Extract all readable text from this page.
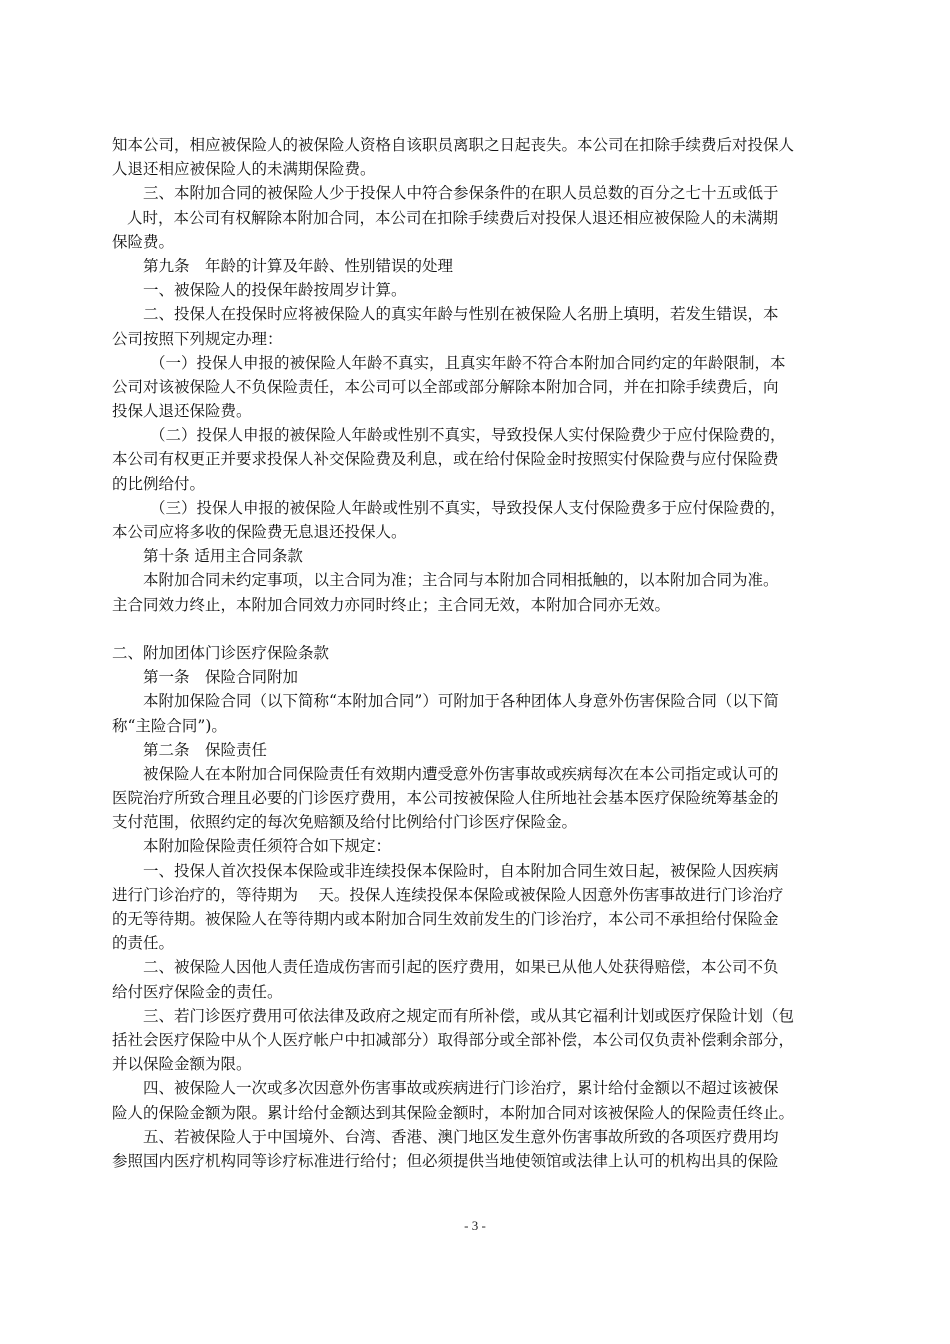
知本公司，相应被保险人的被保险人资格自该职员离职之日起丧失。本公司在扣除手续费后对投保人
人退还相应被保险人的未满期保险费。
三、本附加合同的被保险人少于投保人中符合参保条件的在职人员总数的百分之七十五或低于
人时，本公司有权解除本附加合同，本公司在扣除手续费后对投保人退还相应被保险人的未满期
保险费。
第九条　年龄的计算及年龄、性别错误的处理
一、被保险人的投保年龄按周岁计算。
二、投保人在投保时应将被保险人的真实年龄与性别在被保险人名册上填明，若发生错误，本
公司按照下列规定办理：
（一）投保人申报的被保险人年龄不真实，且真实年龄不符合本附加合同约定的年龄限制，本
公司对该被保险人不负保险责任，本公司可以全部或部分解除本附加合同，并在扣除手续费后，向
投保人退还保险费。
（二）投保人申报的被保险人年龄或性别不真实，导致投保人实付保险费少于应付保险费的，
本公司有权更正并要求投保人补交保险费及利息，或在给付保险金时按照实付保险费与应付保险费
的比例给付。
（三）投保人申报的被保险人年龄或性别不真实，导致投保人支付保险费多于应付保险费的，
本公司应将多收的保险费无息退还投保人。
第十条 适用主合同条款
本附加合同未约定事项，以主合同为准；主合同与本附加合同相抵触的，以本附加合同为准。
主合同效力终止，本附加合同效力亦同时终止；主合同无效，本附加合同亦无效。
二、附加团体门诊医疗保险条款
第一条　保险合同附加
本附加保险合同（以下简称“本附加合同”）可附加于各种团体人身意外伤害保险合同（以下简
称“主险合同”)。
第二条　保险责任
被保险人在本附加合同保险责任有效期内遭受意外伤害事故或疾病每次在本公司指定或认可的
医院治疗所致合理且必要的门诊医疗费用，本公司按被保险人住所地社会基本医疗保险统筹基金的
支付范围，依照约定的每次免赔额及给付比例给付门诊医疗保险金。
本附加险保险责任须符合如下规定：
一、投保人首次投保本保险或非连续投保本保险时，自本附加合同生效日起，被保险人因疾病
进行门诊治疗的，等待期为　 天。投保人连续投保本保险或被保险人因意外伤害事故进行门诊治疗
的无等待期。被保险人在等待期内或本附加合同生效前发生的门诊治疗，本公司不承担给付保险金
的责任。
二、被保险人因他人责任造成伤害而引起的医疗费用，如果已从他人处获得赔偿，本公司不负
给付医疗保险金的责任。
三、若门诊医疗费用可依法律及政府之规定而有所补偿，或从其它福利计划或医疗保险计划（包
括社会医疗保险中从个人医疗帐户中扣减部分）取得部分或全部补偿，本公司仅负责补偿剩余部分，
并以保险金额为限。
四、被保险人一次或多次因意外伤害事故或疾病进行门诊治疗，累计给付金额以不超过该被保
险人的保险金额为限。累计给付金额达到其保险金额时，本附加合同对该被保险人的保险责任终止。
五、若被保险人于中国境外、台湾、香港、澳门地区发生意外伤害事故所致的各项医疗费用均
参照国内医疗机构同等诊疗标准进行给付；但必须提供当地使领馆或法律上认可的机构出具的保险
- 3 -
